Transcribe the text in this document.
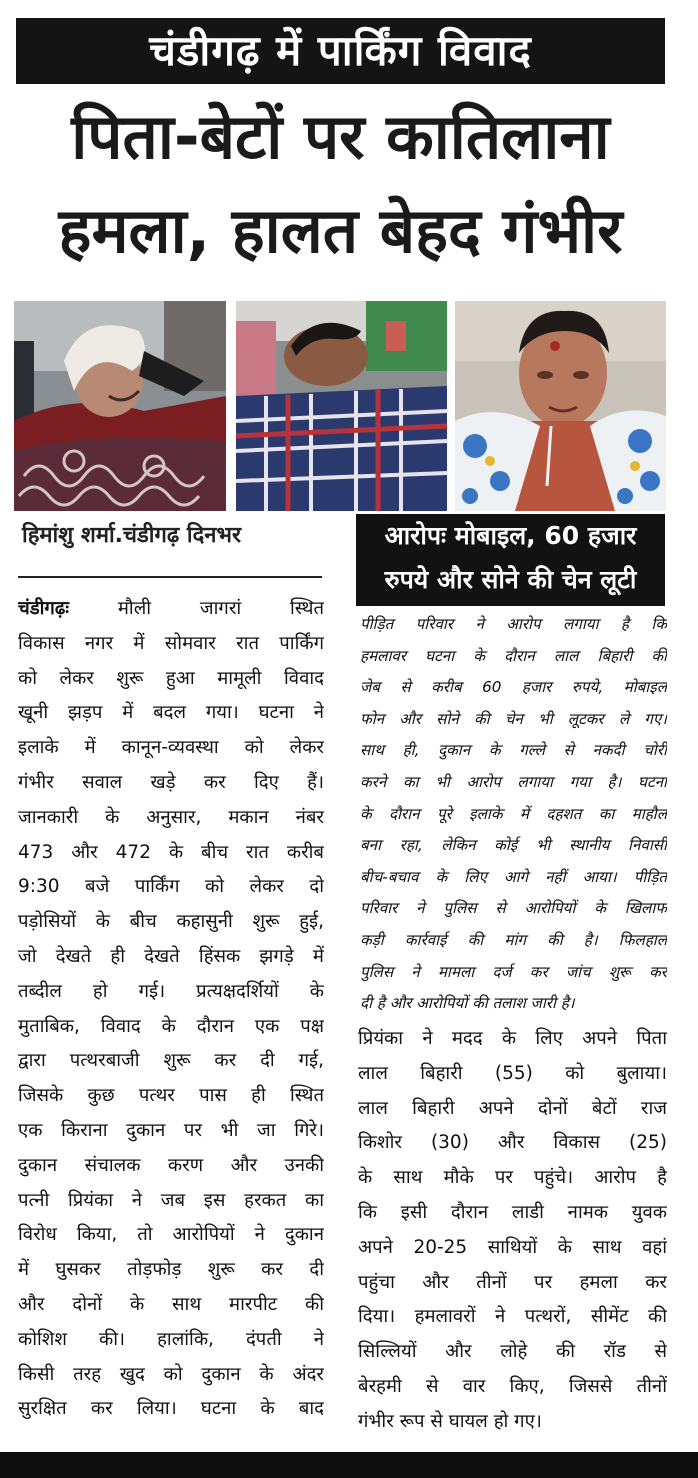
चंडीगढ़ में पार्किंग विवाद
पिता-बेटों पर कातिलाना
हमला, हालत बेहद गंभीर
हिमांशु शर्मा.चंडीगढ़ दिनभर	आरोपः मोबाइल, 60 हजार
रुपये और सोने की चेन लूटी
चंडीगढ़ः मौली जागरां स्थित
विकास नगर में सोमवार रात पार्किंग
को लेकर शुरू हुआ मामूली विवाद
खूनी झड़प में बदल गया। घटना ने
इलाके में कानून-व्यवस्था को लेकर
गंभीर सवाल खड़े कर दिए हैं।
जानकारी के अनुसार, मकान नंबर
473 और 472 के बीच रात करीब
9:30 बजे पार्किंग को लेकर दो
पड़ोसियों के बीच कहासुनी शुरू हुई,
जो देखते ही देखते हिंसक झगड़े में
तब्दील हो गई। प्रत्यक्षदर्शियों के
मुताबिक, विवाद के दौरान एक पक्ष
द्वारा पत्थरबाजी शुरू कर दी गई,
जिसके कुछ पत्थर पास ही स्थित
एक किराना दुकान पर भी जा गिरे।
दुकान संचालक करण और उनकी
पत्नी प्रियंका ने जब इस हरकत का
विरोध किया, तो आरोपियों ने दुकान
में घुसकर तोड़फोड़ शुरू कर दी
और दोनों के साथ मारपीट की
कोशिश की। हालांकि, दंपती ने
किसी तरह खुद को दुकान के अंदर
सुरक्षित कर लिया। घटना के बाद
पीड़ित परिवार ने आरोप लगाया है कि
हमलावर घटना के दौरान लाल बिहारी की
जेब से करीब 60 हजार रुपये, मोबाइल
फोन और सोने की चेन भी लूटकर ले गए।
साथ ही, दुकान के गल्ले से नकदी चोरी
करने का भी आरोप लगाया गया है। घटना
के दौरान पूरे इलाके में दहशत का माहौल
बना रहा, लेकिन कोई भी स्थानीय निवासी
बीच-बचाव के लिए आगे नहीं आया। पीड़ित
परिवार ने पुलिस से आरोपियों के खिलाफ
कड़ी कार्रवाई की मांग की है। फिलहाल
पुलिस ने मामला दर्ज कर जांच शुरू कर
दी है और आरोपियों की तलाश जारी है।
प्रियंका ने मदद के लिए अपने पिता
लाल बिहारी (55) को बुलाया।
लाल बिहारी अपने दोनों बेटों राज
किशोर (30) और विकास (25)
के साथ मौके पर पहुंचे। आरोप है
कि इसी दौरान लाडी नामक युवक
अपने 20-25 साथियों के साथ वहां
पहुंचा और तीनों पर हमला कर
दिया। हमलावरों ने पत्थरों, सीमेंट की
सिल्लियों और लोहे की रॉड से
बेरहमी से वार किए, जिससे तीनों
गंभीर रूप से घायल हो गए।
